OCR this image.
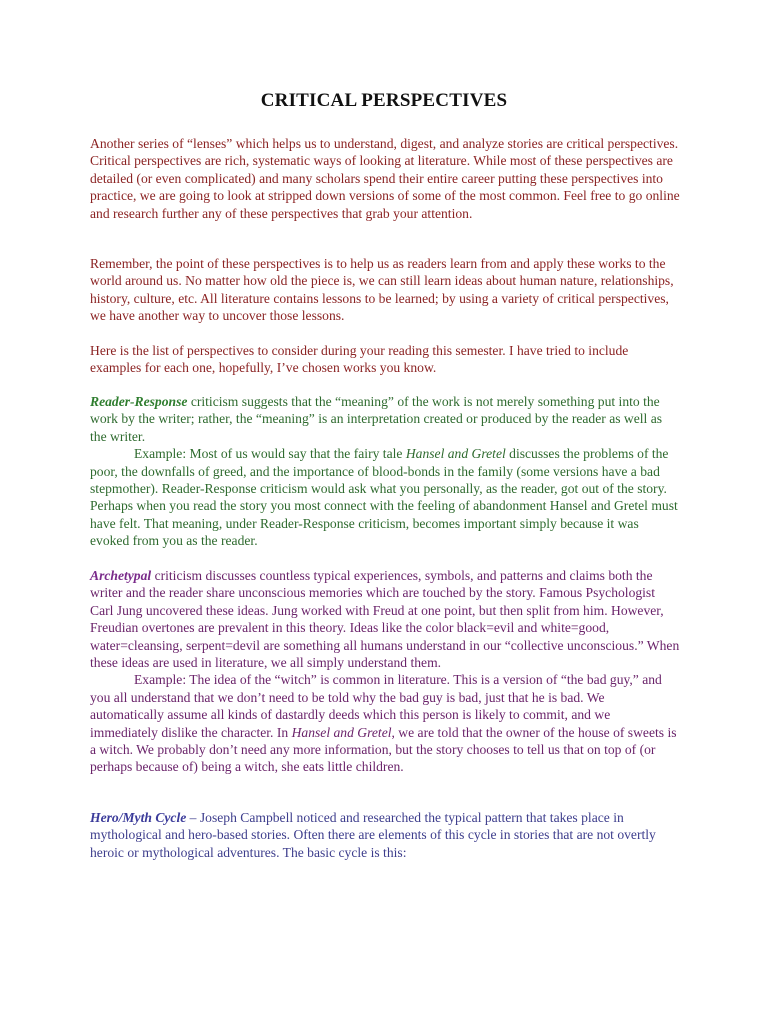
CRITICAL PERSPECTIVES

Another series of “lenses” which helps us to understand, digest, and analyze stories are critical perspectives. Critical perspectives are rich, systematic ways of looking at literature. While most of these perspectives are detailed (or even complicated) and many scholars spend their entire career putting these perspectives into practice, we are going to look at stripped down versions of some of the most common. Feel free to go online and research further any of these perspectives that grab your attention.

Remember, the point of these perspectives is to help us as readers learn from and apply these works to the world around us. No matter how old the piece is, we can still learn ideas about human nature, relationships, history, culture, etc. All literature contains lessons to be learned; by using a variety of critical perspectives, we have another way to uncover those lessons.

Here is the list of perspectives to consider during your reading this semester. I have tried to include examples for each one, hopefully, I’ve chosen works you know.

Reader-Response criticism suggests that the “meaning” of the work is not merely something put into the work by the writer; rather, the “meaning” is an interpretation created or produced by the reader as well as the writer.
Example: Most of us would say that the fairy tale Hansel and Gretel discusses the problems of the poor, the downfalls of greed, and the importance of blood-bonds in the family (some versions have a bad stepmother). Reader-Response criticism would ask what you personally, as the reader, got out of the story. Perhaps when you read the story you most connect with the feeling of abandonment Hansel and Gretel must have felt. That meaning, under Reader-Response criticism, becomes important simply because it was evoked from you as the reader.
Archetypal criticism discusses countless typical experiences, symbols, and patterns and claims both the writer and the reader share unconscious memories which are touched by the story. Famous Psychologist Carl Jung uncovered these ideas. Jung worked with Freud at one point, but then split from him. However, Freudian overtones are prevalent in this theory. Ideas like the color black=evil and white=good, water=cleansing, serpent=devil are something all humans understand in our “collective unconscious.” When these ideas are used in literature, we all simply understand them.
Example: The idea of the “witch” is common in literature. This is a version of “the bad guy,” and you all understand that we don’t need to be told why the bad guy is bad, just that he is bad. We automatically assume all kinds of dastardly deeds which this person is likely to commit, and we immediately dislike the character. In Hansel and Gretel, we are told that the owner of the house of sweets is a witch. We probably don’t need any more information, but the story chooses to tell us that on top of (or perhaps because of) being a witch, she eats little children.
Hero/Myth Cycle – Joseph Campbell noticed and researched the typical pattern that takes place in mythological and hero-based stories. Often there are elements of this cycle in stories that are not overtly heroic or mythological adventures. The basic cycle is this:
